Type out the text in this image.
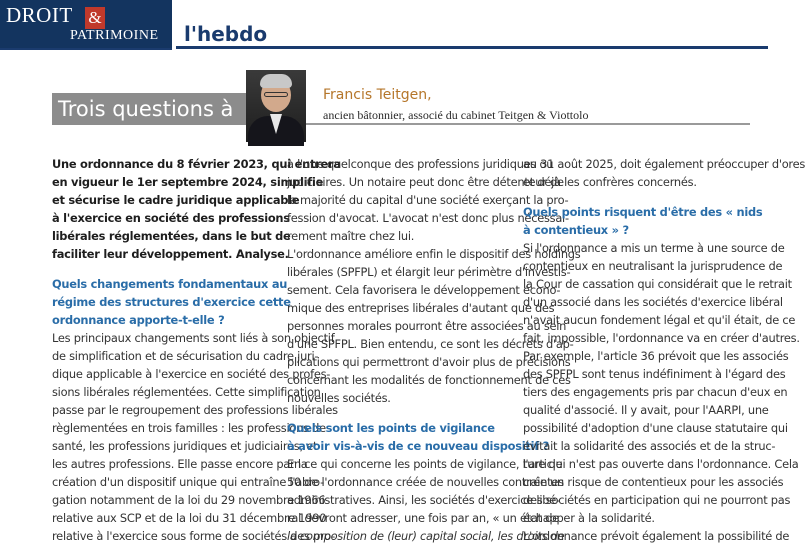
DROIT &
PATRIMOINE l'hebdo
Trois questions à
Francis Teitgen,
ancien bâtonnier, associé du cabinet Teitgen & Viottolo
Une ordonnance du 8 février 2023, qui entrera
en vigueur le 1er septembre 2024, simplifie
et sécurise le cadre juridique applicable
à l'exercice en société des professions
libérales réglementées, dans le but de
faciliter leur développement. Analyse.
Quels changements fondamentaux au
régime des structures d'exercice cette
ordonnance apporte-t-elle ?
Les principaux changements sont liés à son objectif
de simplification et de sécurisation du cadre juri-
dique applicable à l'exercice en société des profes-
sions libérales réglementées. Cette simplification
passe par le regroupement des professions libérales
règlementées en trois familles : les professions de
santé, les professions juridiques et judiciaires, et
les autres professions. Elle passe encore par la
création d'un dispositif unique qui entraîne l'abro-
gation notamment de la loi du 29 novembre 1966
relative aux SCP et de la loi du 31 décembre 1990
relative à l'exercice sous forme de sociétés des pro-
à l'une quelconque des professions juridiques ou
judiciaires. Un notaire peut donc être détenteur de
la majorité du capital d'une société exerçant la pro-
fession d'avocat. L'avocat n'est donc plus nécessai-
rement maître chez lui.
L'ordonnance améliore enfin le dispositif des holdings
libérales (SPFPL) et élargit leur périmètre d'investis-
sement. Cela favorisera le développement écono-
mique des entreprises libérales d'autant que des
personnes morales pourront être associées au sein
d'une SPFPL. Bien entendu, ce sont les décrets d'ap-
plications qui permettront d'avoir plus de précisions
concernant les modalités de fonctionnement de ces
nouvelles sociétés.
Quels sont les points de vigilance
à avoir vis-à-vis de ce nouveau dispositif ?
En ce qui concerne les points de vigilance, l'article
50 de l'ordonnance créée de nouvelles contraintes
administratives. Ainsi, les sociétés d'exercice libé-
ral devront adresser, une fois par an, « un état de
la composition de (leur) capital social, les droits de
au 31 août 2025, doit également préoccuper d'ores
et déjà les confrères concernés.
Quels points risquent d'être des « nids
à contentieux » ?
Si l'ordonnance a mis un terme à une source de
contentieux en neutralisant la jurisprudence de
la Cour de cassation qui considérait que le retrait
d'un associé dans les sociétés d'exercice libéral
n'avait aucun fondement légal et qu'il était, de ce
fait, impossible, l'ordonnance va en créer d'autres.
Par exemple, l'article 36 prévoit que les associés
des SPFPL sont tenus indéfiniment à l'égard des
tiers des engagements pris par chacun d'eux en
qualité d'associé. Il y avait, pour l'AARPI, une
possibilité d'adoption d'une clause statutaire qui
évitait la solidarité des associés et de la struc-
ture qui n'est pas ouverte dans l'ordonnance. Cela
crée un risque de contentieux pour les associés
des sociétés en participation qui ne pourront pas
échapper à la solidarité.
L'ordonnance prévoit également la possibilité de
